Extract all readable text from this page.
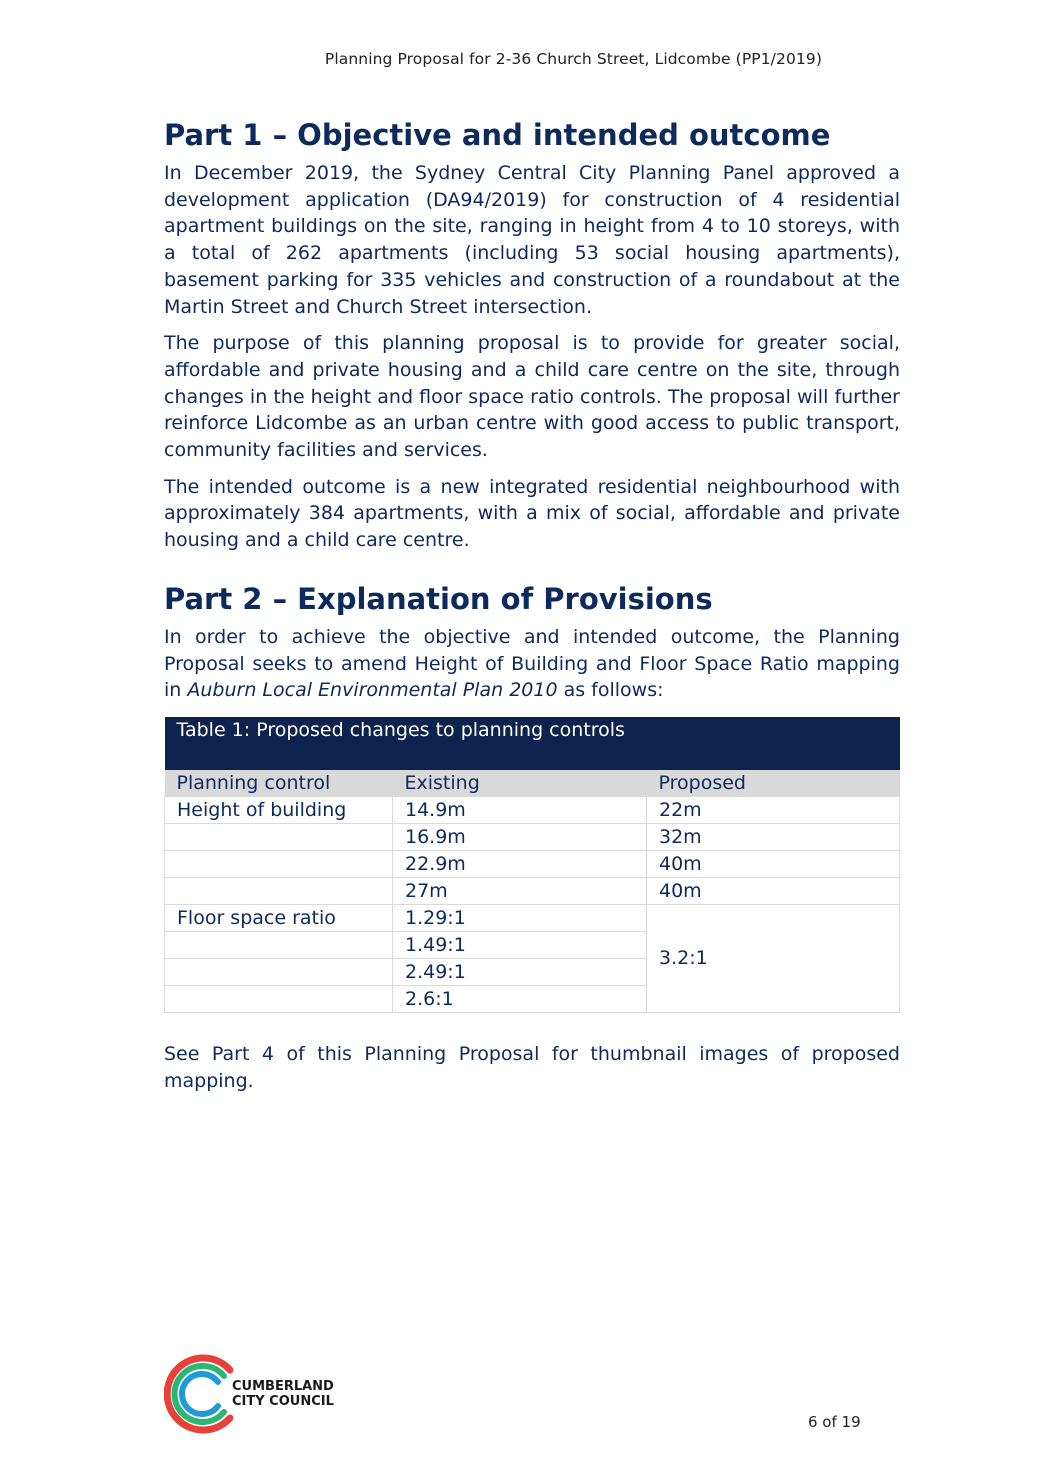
Planning Proposal for 2-36 Church Street, Lidcombe (PP1/2019)
Part 1 – Objective and intended outcome

In December 2019, the Sydney Central City Planning Panel approved a development application (DA94/2019) for construction of 4 residential apartment buildings on the site, ranging in height from 4 to 10 storeys, with a total of 262 apartments (including 53 social housing apartments), basement parking for 335 vehicles and construction of a roundabout at the Martin Street and Church Street intersection.

The purpose of this planning proposal is to provide for greater social, affordable and private housing and a child care centre on the site, through changes in the height and floor space ratio controls. The proposal will further reinforce Lidcombe as an urban centre with good access to public transport, community facilities and services.

The intended outcome is a new integrated residential neighbourhood with approximately 384 apartments, with a mix of social, affordable and private housing and a child care centre.

Part 2 – Explanation of Provisions

In order to achieve the objective and intended outcome, the Planning Proposal seeks to amend Height of Building and Floor Space Ratio mapping in Auburn Local Environmental Plan 2010 as follows:

Table 1: Proposed changes to planning controls		
Planning control	Existing	Proposed
Height of building	14.9m	22m
	16.9m	32m
	22.9m	40m
	27m	40m
Floor space ratio	1.29:1	3.2:1
	1.49:1	
	2.49:1	
	2.6:1	

See Part 4 of this Planning Proposal for thumbnail images of proposed mapping.

CUMBERLAND
CITY COUNCIL
6 of 19
